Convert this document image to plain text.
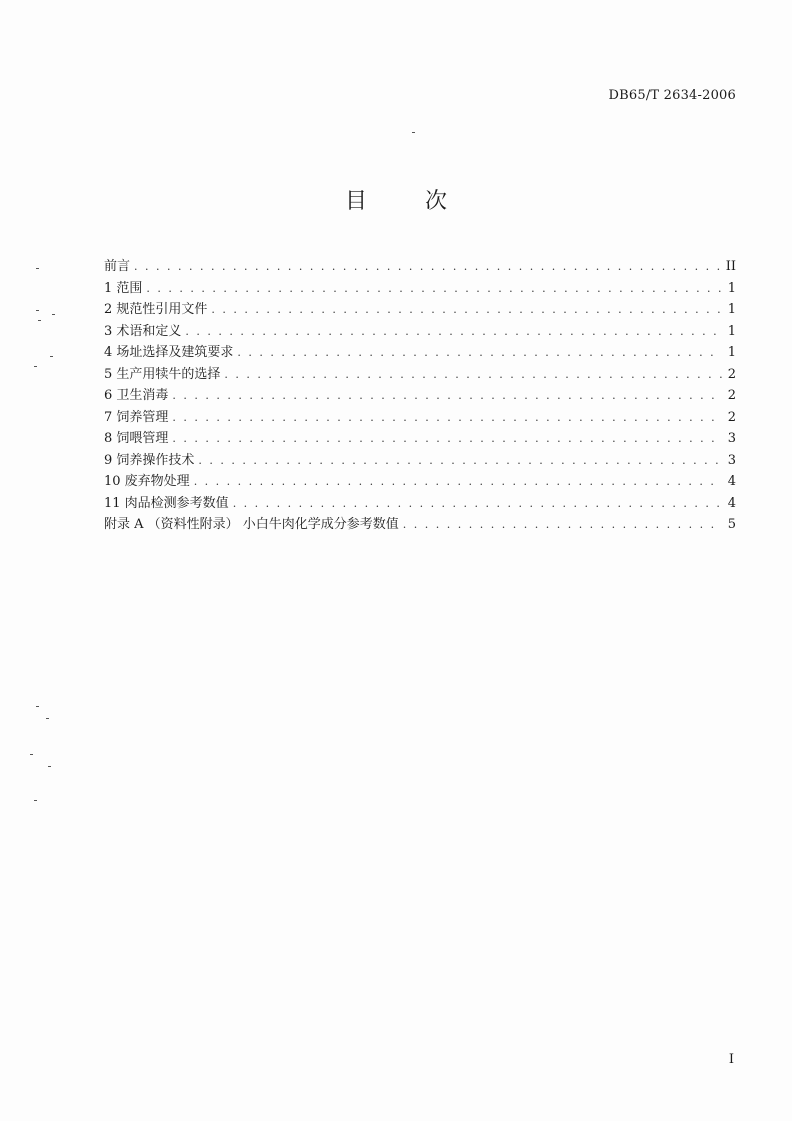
DB65/T 2634-2006
目次
前言 . . .	II
1 范围 . . .	1
2 规范性引用文件 . . .	1
3 术语和定义 . . .	1
4 场址选择及建筑要求 . . .	1
5 生产用犊牛的选择 . . .	2
6 卫生消毒 . . .	2
7 饲养管理 . . .	2
8 饲喂管理 . . .	3
9 饲养操作技术 . . .	3
10 废弃物处理 . . .	4
11 肉品检测参考数值 . . .	4
附录 A （资料性附录） 小白牛肉化学成分参考数值 . . .	5
I
